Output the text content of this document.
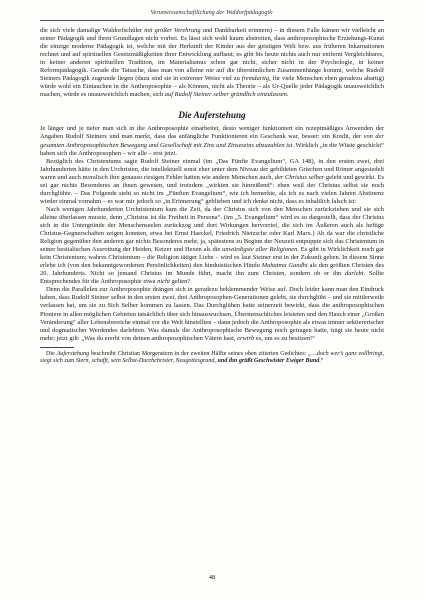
Verunwissenschaftlichung der Waldorfpädagogik·

die sich viele damalige Waldorfschüler mit großer Verehrung und Dankbarkeit erinnern) – in diesem Falle kämen wir vielleicht an seiner Pädagogik und ihren Grundlagen nicht vorbei. Es lässt sich wohl kaum abstreiten, dass anthroposophische Erziehungs-Kunst die einzige moderne Pädagogik ist, welche mit der Herkunft der Kinder aus der geistigen Welt bzw. aus früheren Inkarnationen rechnet und auf spirituellen Gesetzmäßigkeiten ihrer Entwicklung aufbaut; es gibt bis heute nichts auch nur entfernt Vergleichbares, in keiner anderen spirituellen Tradition, im Materialismus schon gar nicht, sicher nicht in der Psychologie, in keiner Reformpädagogik. Gerade die Tatsache, dass man von alleine nie auf die übersinnlichen Zusammenhänge kommt, welche Rudolf Steiners Pädagogik zugrunde liegen (dazu sind sie in extremer Weise viel zu fremdartig, für viele Menschen eben geradezu abartig) würde wohl ein Eintauchen in die Anthroposophie – als Können, nicht als Theorie – als Ur-Quelle jeder Pädagogik unausweichlich machen, würde es unausweichlich machen, sich auf Rudolf Steiner selber gründlich einzulassen.

Die Auferstehung

Je länger und je tiefer man sich in die Anthroposophie einarbeitet, desto weniger funktioniert ein rezeptmäßiges Anwenden der Angaben Rudolf Steiners und man merkt, dass das anfängliche Funktionieren ein Geschenk war, besser: ein Kredit, der von der gesamten Anthroposophischen Bewegung und Gesellschaft mit Zins und Zinseszins abzuzahlen ist. Wirklich „in die Wüste geschickt“ haben sich die Anthroposophen – wir alle – erst jetzt.

Bezüglich des Christentums sagte Rudolf Steiner einmal (im „Das Fünfte Evangelium“, GA 148), in den ersten zwei, drei Jahrhunderten hätte in den Urchristen, die intellektuell sonst eher unter dem Niveau der gebildeten Griechen und Römer angesiedelt waren und auch moralisch ihre genauso riesigen Fehler hatten wie andere Menschen auch, der Christus selber gelebt und gewirkt. Es sei gar nichts Besonderes an ihnen gewesen, und trotzdem „wirkten sie hinreißend“: eben weil der Christus selbst sie noch durchglühte. – Das Folgende steht so nicht im „Fünften Evangelium“, wie ich bemerkte, als ich es nach vielen Jahren Abstinenz wieder einmal vornahm – es war mir jedoch so „in Erinnerung“ geblieben und ich denke nicht, dass es inhaltlich falsch ist:

Nach wenigen Jahrhunderten Urchristentum kam die Zeit, da der Christus sich von den Menschen zurückziehen und sie sich alleine überlassen musste, denn „Christus ist die Freiheit in Persona“. (im „5. Evangelium“ wird es so dargestellt, dass der Christus sich in die Untergründe der Menschenseelen zurückzog und dort Wirkungen hervorrief, die sich im Äußeren auch als heftige Christus-Gegnerschaften zeigen konnten, etwa bei Ernst Haeckel, Friedrich Nietzsche oder Karl Marx.) Ab da war die christliche Religion gegenüber den anderen gar nichts Besonderes mehr, ja, spätestens zu Beginn der Neuzeit entpuppte sich das Christentum in seiner bestialischen Ausrottung der Heiden, Ketzer und Hexen als die unwürdigste aller Religionen. Es gibt in Wirklichkeit noch gar kein Christentum; wahres Christentum – die Religion tätiger Liebe – wird es laut Steiner erst in der Zukunft geben. In diesem Sinne erlebe ich (von den bekanntgewordenen Persönlichkeiten) den hinduistischen Hindu Mahatma Gandhi als den größten Christen des 20. Jahrhunderts. Nicht so jemand Christus im Munde führt, macht ihn zum Christen, sondern ob er ihn darlebt. Sollte Entsprechendes für die Anthroposophie etwa nicht gelten?

Denn die Parallelen zur Anthroposophie drängen sich in geradezu beklemmender Weise auf. Doch leider kann man den Eindruck haben, dass Rudolf Steiner selbst in den ersten zwei, drei Anthroposophen-Generationen gelebt, sie durchglüht – und sie mittlerweile verlassen hat, um sie zu Sich Selber kommen zu lassen. Das Durchglühen hatte seinerzeit bewirkt, dass die anthroposophischen Pioniere in allen möglichen Gebieten tatsächlich über sich hinauswuchsen, Übermenschliches leisteten und den Hauch einer „Großen Veränderung“ aller Lebensbereiche einmal vor die Welt hinstellten – dann jedoch die Anthroposophie als etwas immer sektiererischer und dogmatischer Werdendes darlebten. Was damals die Anthroposophische Bewegung noch getragen hatte, trägt sie heute nicht mehr; jetzt gilt: „Was du ererbt von deinen anthroposophischen Vätern hast, erwirb es, um es zu besitzen!“

Die Auferstehung beschreibt Christian Morgenstern in der zweiten Hälfte seines oben zitierten Gedichtes: „…doch wer’s ganz vollbringt, siegt sich zum Stern, schafft, sein Selbst-Durchchrister, Neugottesgrund, und ihn grüßt Geschwister Ewiger Bund.“

48
